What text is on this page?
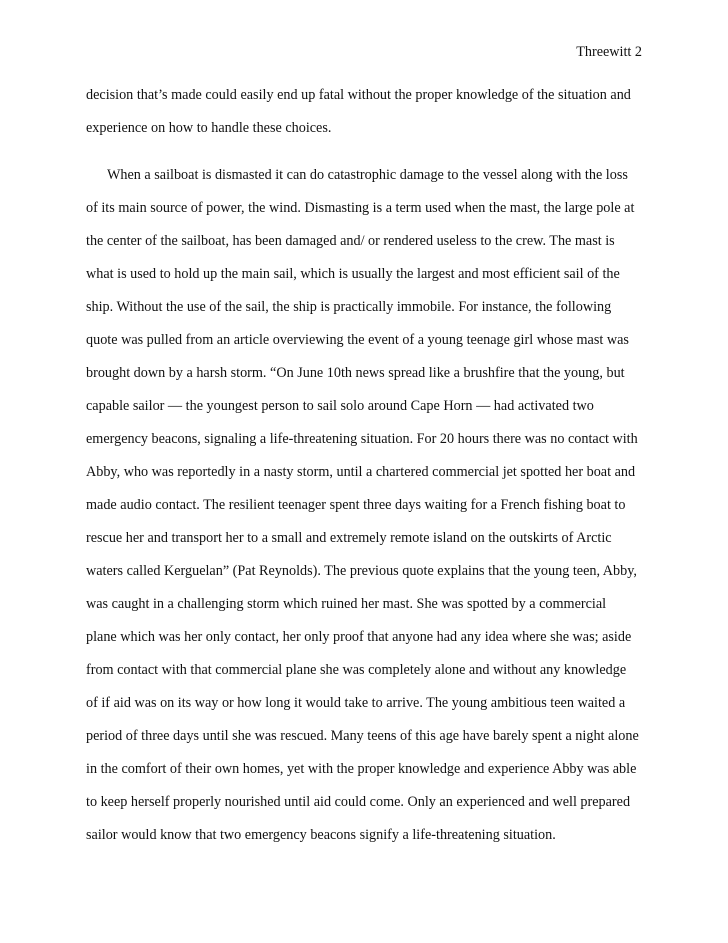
Threewitt 2
decision that’s made could easily end up fatal without the proper knowledge of the situation and
experience on how to handle these choices.
When a sailboat is dismasted it can do catastrophic damage to the vessel along with the loss
of its main source of power, the wind. Dismasting is a term used when the mast, the large pole at
the center of the sailboat, has been damaged and/ or rendered useless to the crew. The mast is
what is used to hold up the main sail, which is usually the largest and most efficient sail of the
ship. Without the use of the sail, the ship is practically immobile. For instance, the following
quote was pulled from an article overviewing the event of a young teenage girl whose mast was
brought down by a harsh storm. “On June 10th news spread like a brushfire that the young, but
capable sailor — the youngest person to sail solo around Cape Horn — had activated two
emergency beacons, signaling a life-threatening situation. For 20 hours there was no contact with
Abby, who was reportedly in a nasty storm, until a chartered commercial jet spotted her boat and
made audio contact. The resilient teenager spent three days waiting for a French fishing boat to
rescue her and transport her to a small and extremely remote island on the outskirts of Arctic
waters called Kerguelan” (Pat Reynolds). The previous quote explains that the young teen, Abby,
was caught in a challenging storm which ruined her mast. She was spotted by a commercial
plane which was her only contact, her only proof that anyone had any idea where she was; aside
from contact with that commercial plane she was completely alone and without any knowledge
of if aid was on its way or how long it would take to arrive. The young ambitious teen waited a
period of three days until she was rescued. Many teens of this age have barely spent a night alone
in the comfort of their own homes, yet with the proper knowledge and experience Abby was able
to keep herself properly nourished until aid could come. Only an experienced and well prepared
sailor would know that two emergency beacons signify a life-threatening situation.
